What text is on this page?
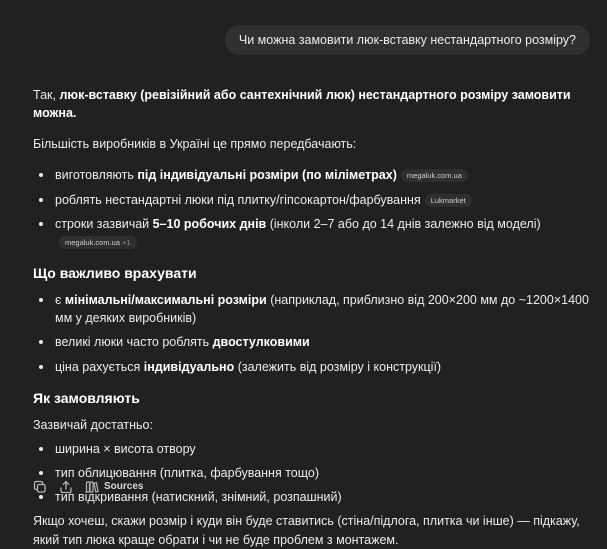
Чи можна замовити люк-вставку нестандартного розміру?

Так, люк-вставку (ревізійний або сантехнічний люк) нестандартного розміру замовити можна.

Більшість виробників в Україні це прямо передбачають:

виготовляють під індивідуальні розміри (по міліметрах) megaluk.com.ua
роблять нестандартні люки під плитку/гіпсокартон/фарбування Lukmarket
строки зазвичай 5–10 робочих днів (інколи 2–7 або до 14 днів залежно від моделі)megaluk.com.ua +1
Що важливо врахувати
є мінімальні/максимальні розміри (наприклад, приблизно від 200×200 мм до ~1200×1400 мм у деяких виробників)
великі люки часто роблять двостулковими
ціна рахується індивідуально (залежить від розміру і конструкції)
Як замовляють

Зазвичай достатньо:

ширина × висота отвору
тип облицювання (плитка, фарбування тощо)
тип відкривання (натискний, знімний, розпашний)

Якщо хочеш, скажи розмір і куди він буде ставитись (стіна/підлога, плитка чи інше) — підкажу, який тип люка краще обрати і чи не буде проблем з монтажем.

Sources
